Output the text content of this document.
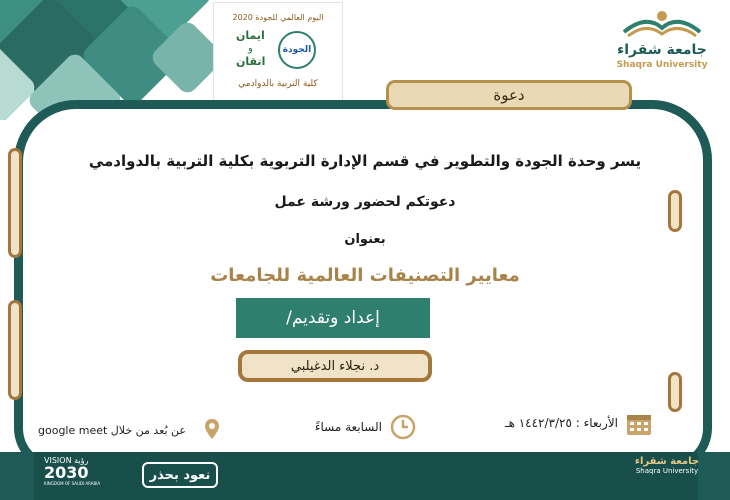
اليوم العالمي للجودة 2020
الجودة
ايمان
و
اتقان
كلية التربية بالدوادمي
جامعة شقراء
Shaqra University
دعوة
يسر وحدة الجودة والتطوير في قسم الإدارة التربوية بكلية التربية بالدوادمي
دعوتكم لحضور ورشة عمل
بعنوان
معايير التصنيفات العالمية للجامعات
إعداد وتقديم/
د. نجلاء الدغيلبي
الأربعاء : ١٤٤٢/٣/٢٥ هـ
السابعة مساءً
عن بُعد من خلال google meet
VISION رؤية
2030
KINGDOM OF SAUDI ARABIA
نعود بحذر
جامعة شقراء
Shaqra University
